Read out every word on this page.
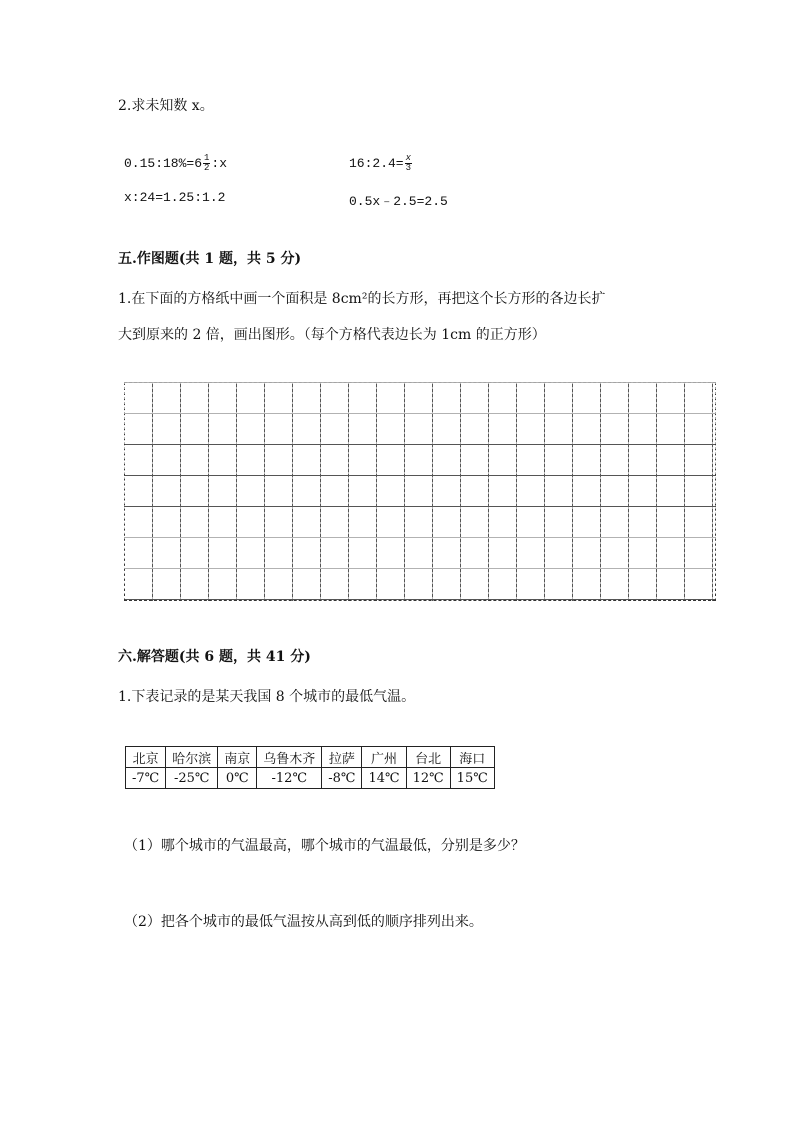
2.求未知数 x。
0.15:18%=6 $\frac{1}{2}$ :x	16:2.4= $\frac{x}{3}$
x:24=1.25:1.2	0.5x﹣2.5=2.5
五.作图题(共 1 题，共 5 分)
1.在下面的方格纸中画一个面积是 8cm²的长方形，再把这个长方形的各边长扩
大到原来的 2 倍，画出图形。（每个方格代表边长为 1cm 的正方形）
六.解答题(共 6 题，共 41 分)
1.下表记录的是某天我国 8 个城市的最低气温。
北京	哈尔滨	南京	乌鲁木齐	拉萨	广州	台北	海口
-7℃	-25℃	0℃	-12℃	-8℃	14℃	12℃	15℃
（1）哪个城市的气温最高，哪个城市的气温最低，分别是多少？
（2）把各个城市的最低气温按从高到低的顺序排列出来。
